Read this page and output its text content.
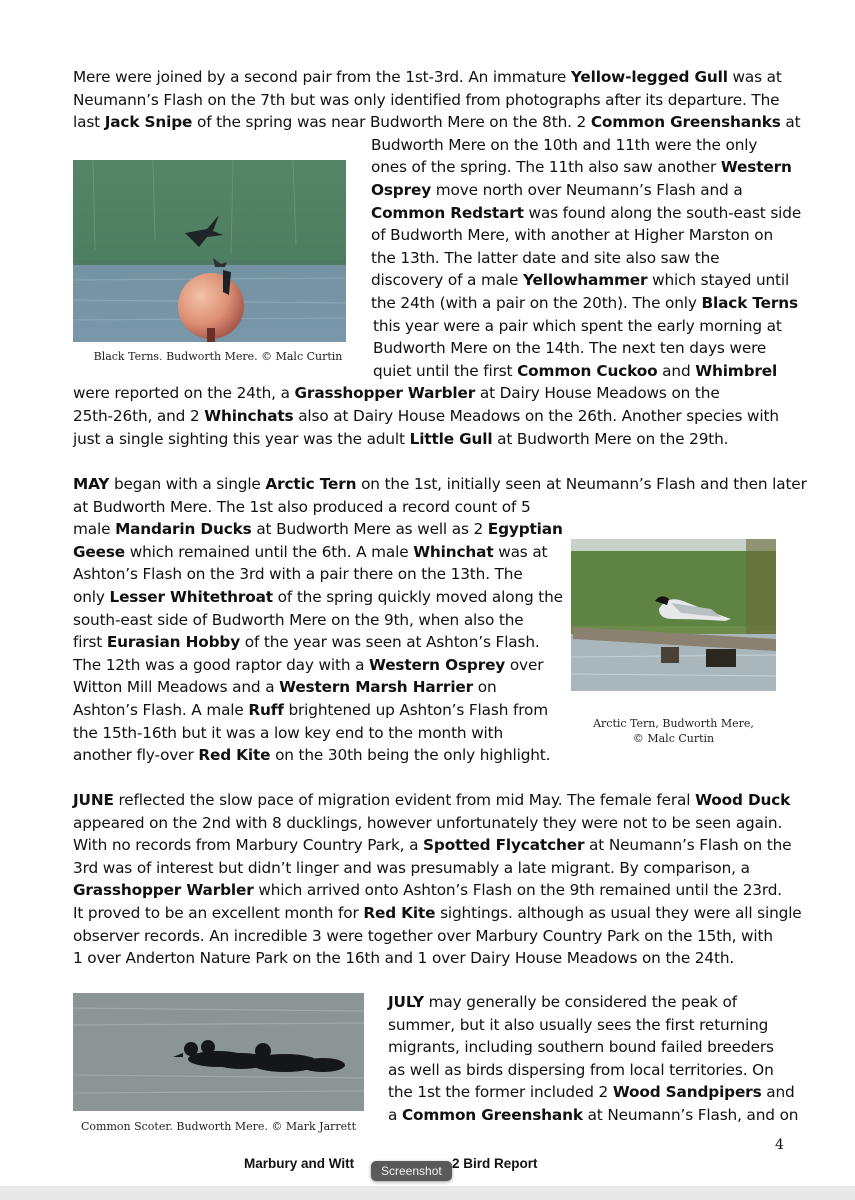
Mere were joined by a second pair from the 1st-3rd. An immature Yellow-legged Gull was at
Neumann’s Flash on the 7th but was only identified from photographs after its departure. The
last Jack Snipe of the spring was near Budworth Mere on the 8th. 2 Common Greenshanks at
Budworth Mere on the 10th and 11th were the only
ones of the spring. The 11th also saw another Western
Osprey move north over Neumann’s Flash and a
Common Redstart was found along the south-east side
of Budworth Mere, with another at Higher Marston on
the 13th. The latter date and site also saw the
discovery of a male Yellowhammer which stayed until
the 24th (with a pair on the 20th). The only Black Terns
this year were a pair which spent the early morning at
Budworth Mere on the 14th. The next ten days were
quiet until the first Common Cuckoo and Whimbrel
were reported on the 24th, a Grasshopper Warbler at Dairy House Meadows on the
25th-26th, and 2 Whinchats also at Dairy House Meadows on the 26th. Another species with
just a single sighting this year was the adult Little Gull at Budworth Mere on the 29th.
Black Terns. Budworth Mere. © Malc Curtin
MAY began with a single Arctic Tern on the 1st, initially seen at Neumann’s Flash and then later
at Budworth Mere. The 1st also produced a record count of 5
male Mandarin Ducks at Budworth Mere as well as 2 Egyptian
Geese which remained until the 6th. A male Whinchat was at
Ashton’s Flash on the 3rd with a pair there on the 13th. The
only Lesser Whitethroat of the spring quickly moved along the
south-east side of Budworth Mere on the 9th, when also the
first Eurasian Hobby of the year was seen at Ashton’s Flash.
The 12th was a good raptor day with a Western Osprey over
Witton Mill Meadows and a Western Marsh Harrier on
Ashton’s Flash. A male Ruff brightened up Ashton’s Flash from
the 15th-16th but it was a low key end to the month with
another fly-over Red Kite on the 30th being the only highlight.
Arctic Tern, Budworth Mere,
© Malc Curtin
JUNE reflected the slow pace of migration evident from mid May. The female feral Wood Duck
appeared on the 2nd with 8 ducklings, however unfortunately they were not to be seen again.
With no records from Marbury Country Park, a Spotted Flycatcher at Neumann’s Flash on the
3rd was of interest but didn’t linger and was presumably a late migrant. By comparison, a
Grasshopper Warbler which arrived onto Ashton’s Flash on the 9th remained until the 23rd.
It proved to be an excellent month for Red Kite sightings. although as usual they were all single
observer records. An incredible 3 were together over Marbury Country Park on the 15th, with
1 over Anderton Nature Park on the 16th and 1 over Dairy House Meadows on the 24th.
Common Scoter. Budworth Mere. © Mark Jarrett
JULY may generally be considered the peak of
summer, but it also usually sees the first returning
migrants, including southern bound failed breeders
as well as birds dispersing from local territories. On
the 1st the former included 2 Wood Sandpipers and
a Common Greenshank at Neumann’s Flash, and on
4
Marbury and Witt	2 Bird Report
Screenshot
